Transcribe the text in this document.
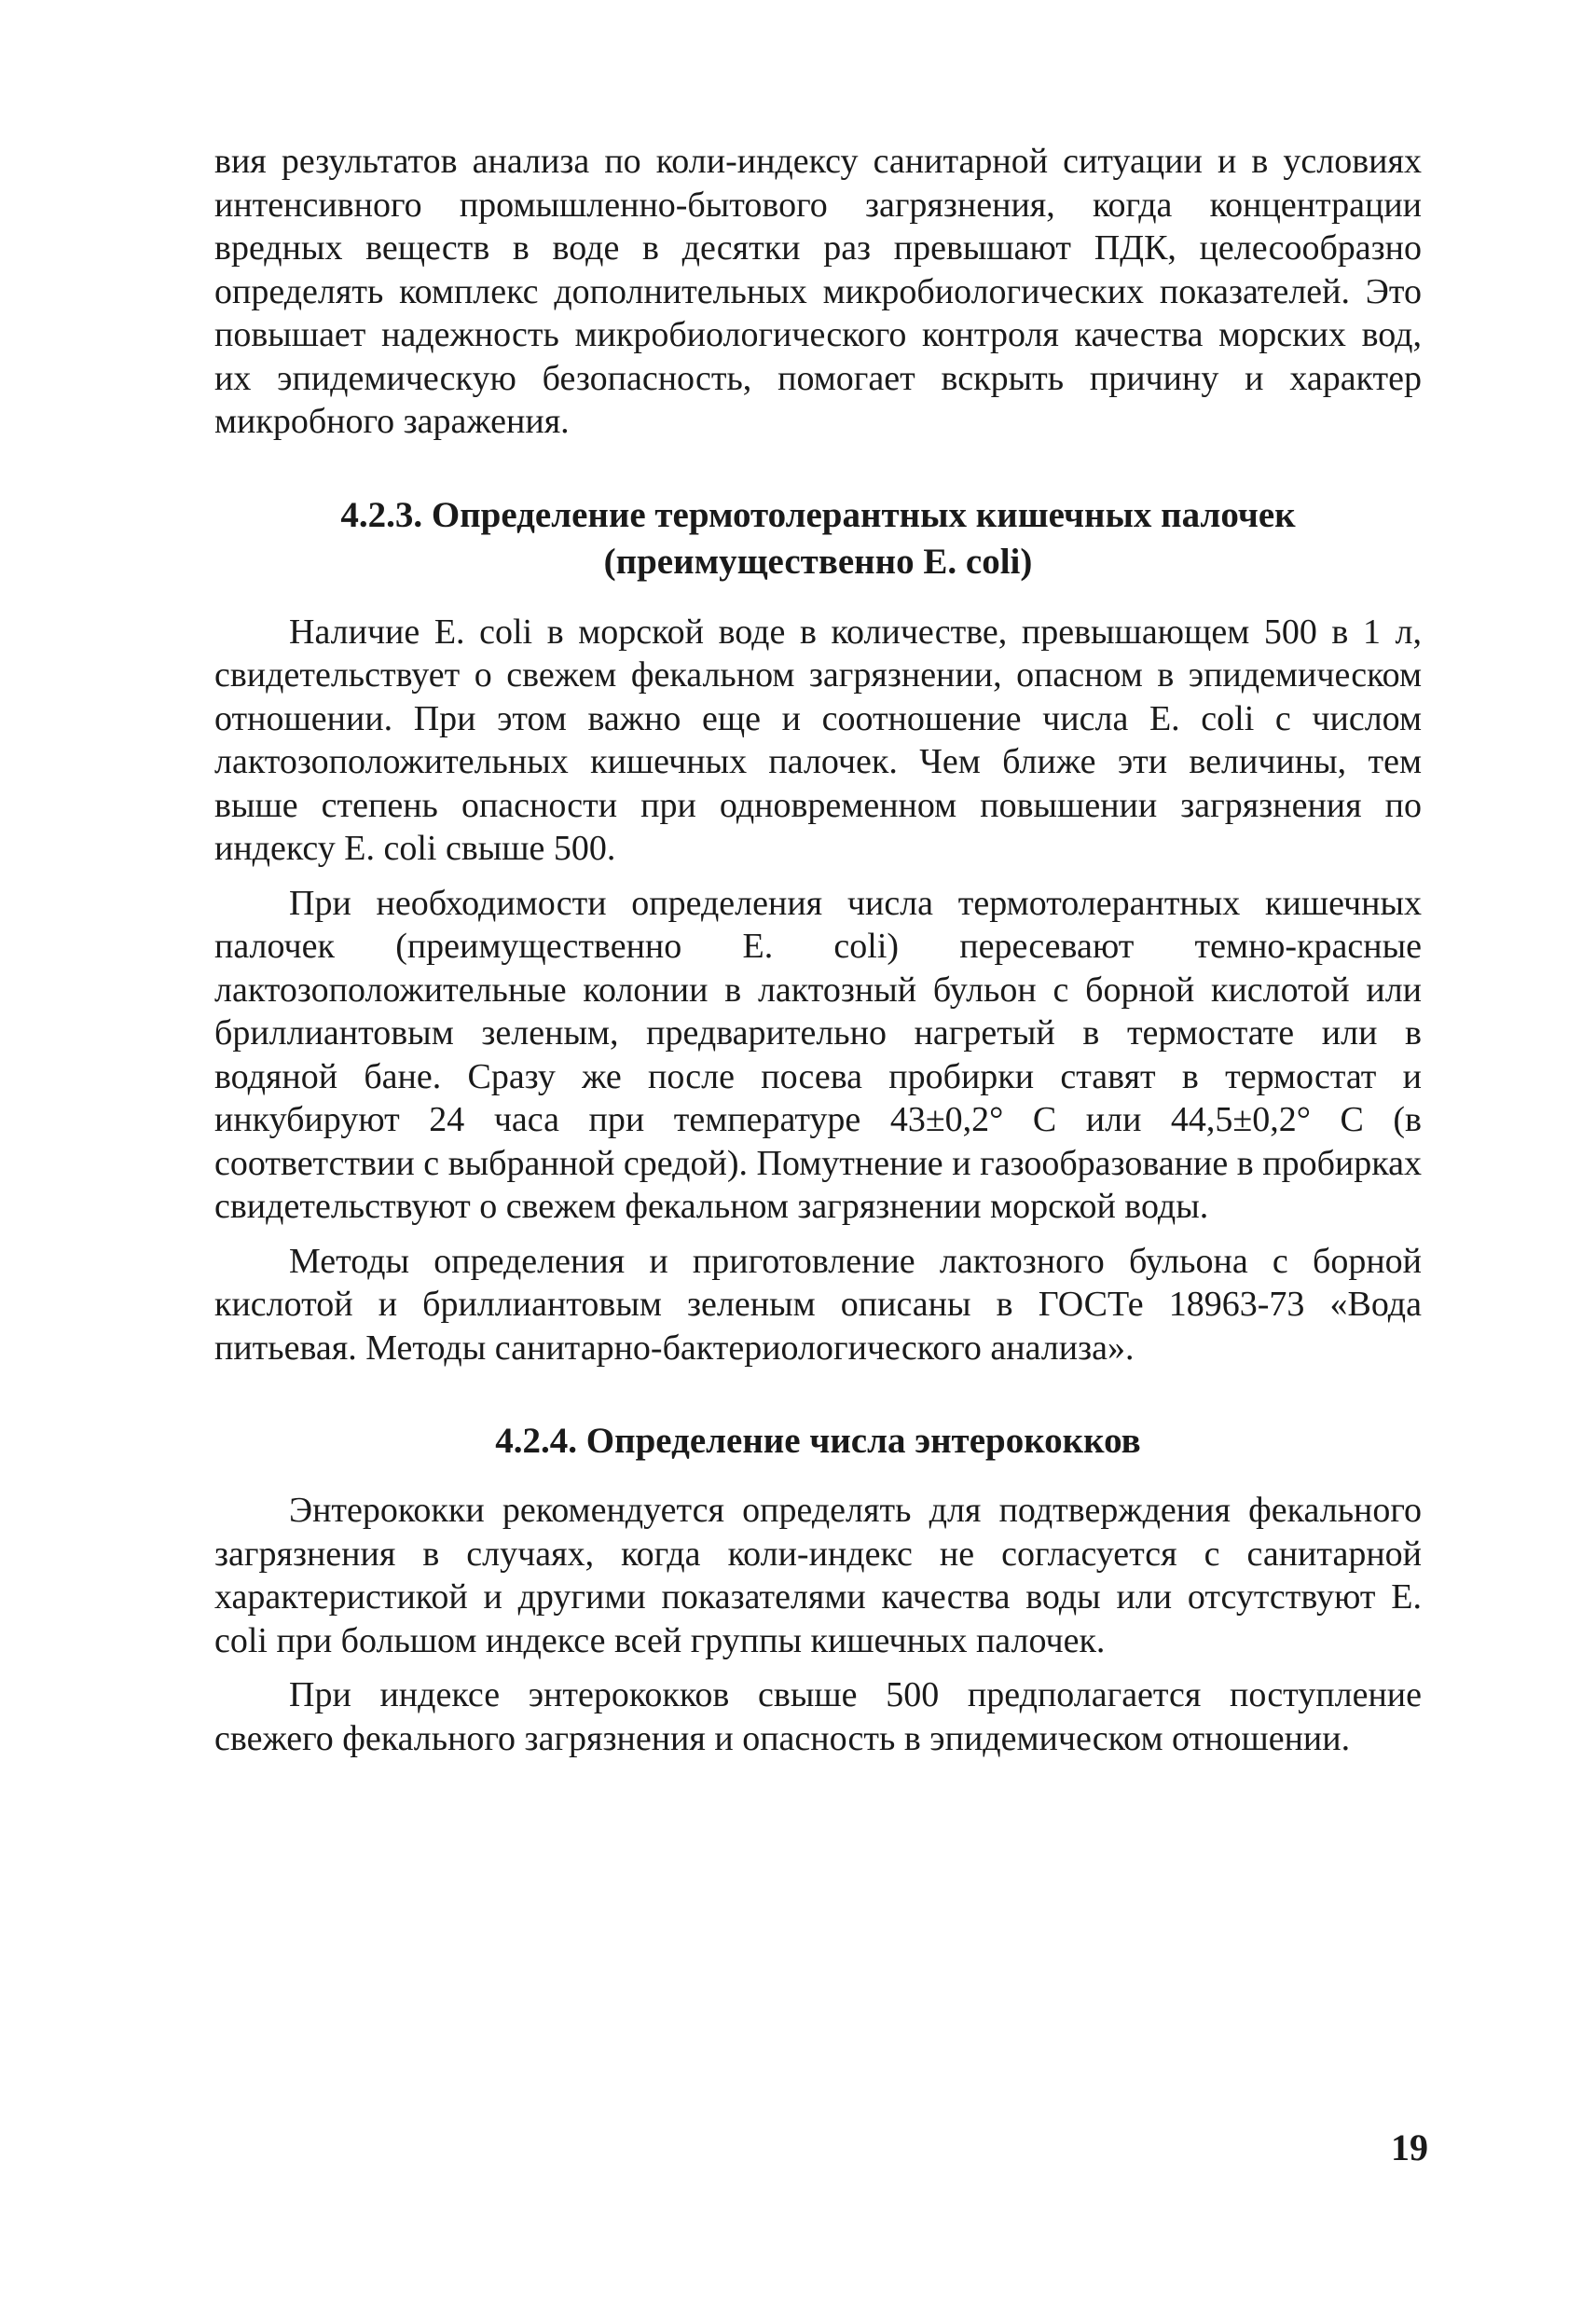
вия результатов анализа по коли-индексу санитарной ситуации и в условиях интенсивного промышленно-бытового загрязнения, когда концентрации вредных веществ в воде в десятки раз превышают ПДК, целесообразно определять комплекс дополнительных микробиологических показателей. Это повышает надежность микробиологического контроля качества морских вод, их эпидемическую безопасность, помогает вскрыть причину и характер микробного заражения.

4.2.3. Определение термотолерантных кишечных палочек
(преимущественно E. coli)

Наличие E. coli в морской воде в количестве, превышающем 500 в 1 л, свидетельствует о свежем фекальном загрязнении, опасном в эпидемическом отношении. При этом важно еще и соотношение числа E. coli с числом лактозоположительных кишечных палочек. Чем ближе эти величины, тем выше степень опасности при одновременном повышении загрязнения по индексу E. coli свыше 500.

При необходимости определения числа термотолерантных кишечных палочек (преимущественно E. coli) пересевают темно-красные лактозоположительные колонии в лактозный бульон с борной кислотой или бриллиантовым зеленым, предварительно нагретый в термостате или в водяной бане. Сразу же после посева пробирки ставят в термостат и инкубируют 24 часа при температуре 43±0,2° С или 44,5±0,2° С (в соответствии с выбранной средой). Помутнение и газообразование в пробирках свидетельствуют о свежем фекальном загрязнении морской воды.

Методы определения и приготовление лактозного бульона с борной кислотой и бриллиантовым зеленым описаны в ГОСТе 18963-73 «Вода питьевая. Методы санитарно-бактериологического анализа».

4.2.4. Определение числа энтерококков

Энтерококки рекомендуется определять для подтверждения фекального загрязнения в случаях, когда коли-индекс не согласуется с санитарной характеристикой и другими показателями качества воды или отсутствуют E. coli при большом индексе всей группы кишечных палочек.

При индексе энтерококков свыше 500 предполагается поступление свежего фекального загрязнения и опасность в эпидемическом отношении.

19
